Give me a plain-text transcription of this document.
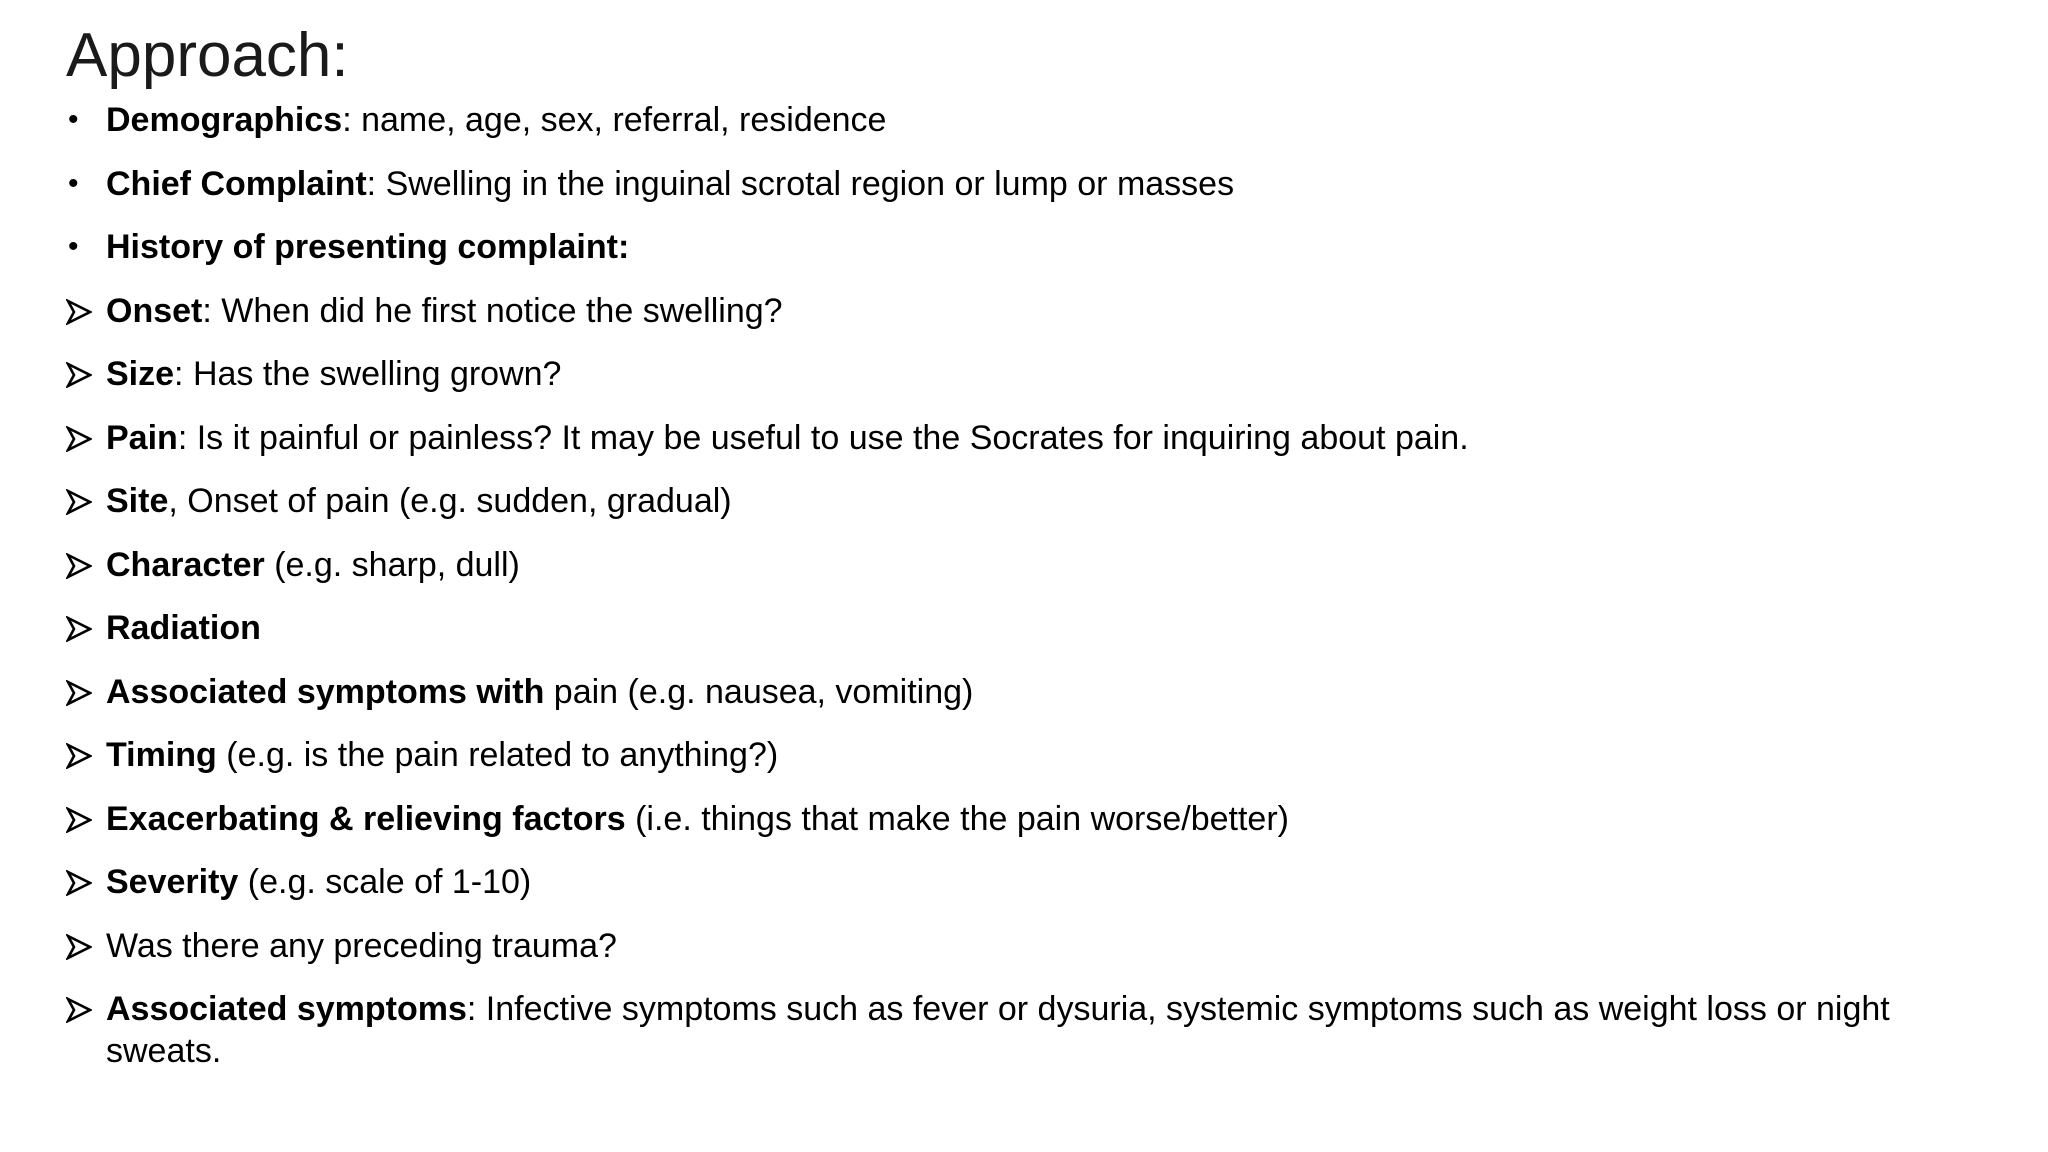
Approach:
• Demographics: name, age, sex, referral, residence
• Chief Complaint: Swelling in the inguinal scrotal region or lump or masses
• History of presenting complaint:
Onset: When did he first notice the swelling?
Size: Has the swelling grown?
Pain: Is it painful or painless? It may be useful to use the Socrates for inquiring about pain.
Site, Onset of pain (e.g. sudden, gradual)
Character (e.g. sharp, dull)
Radiation
Associated symptoms with pain (e.g. nausea, vomiting)
Timing (e.g. is the pain related to anything?)
Exacerbating & relieving factors (i.e. things that make the pain worse/better)
Severity (e.g. scale of 1-10)
Was there any preceding trauma?
Associated symptoms: Infective symptoms such as fever or dysuria, systemic symptoms such as weight loss or night sweats.
